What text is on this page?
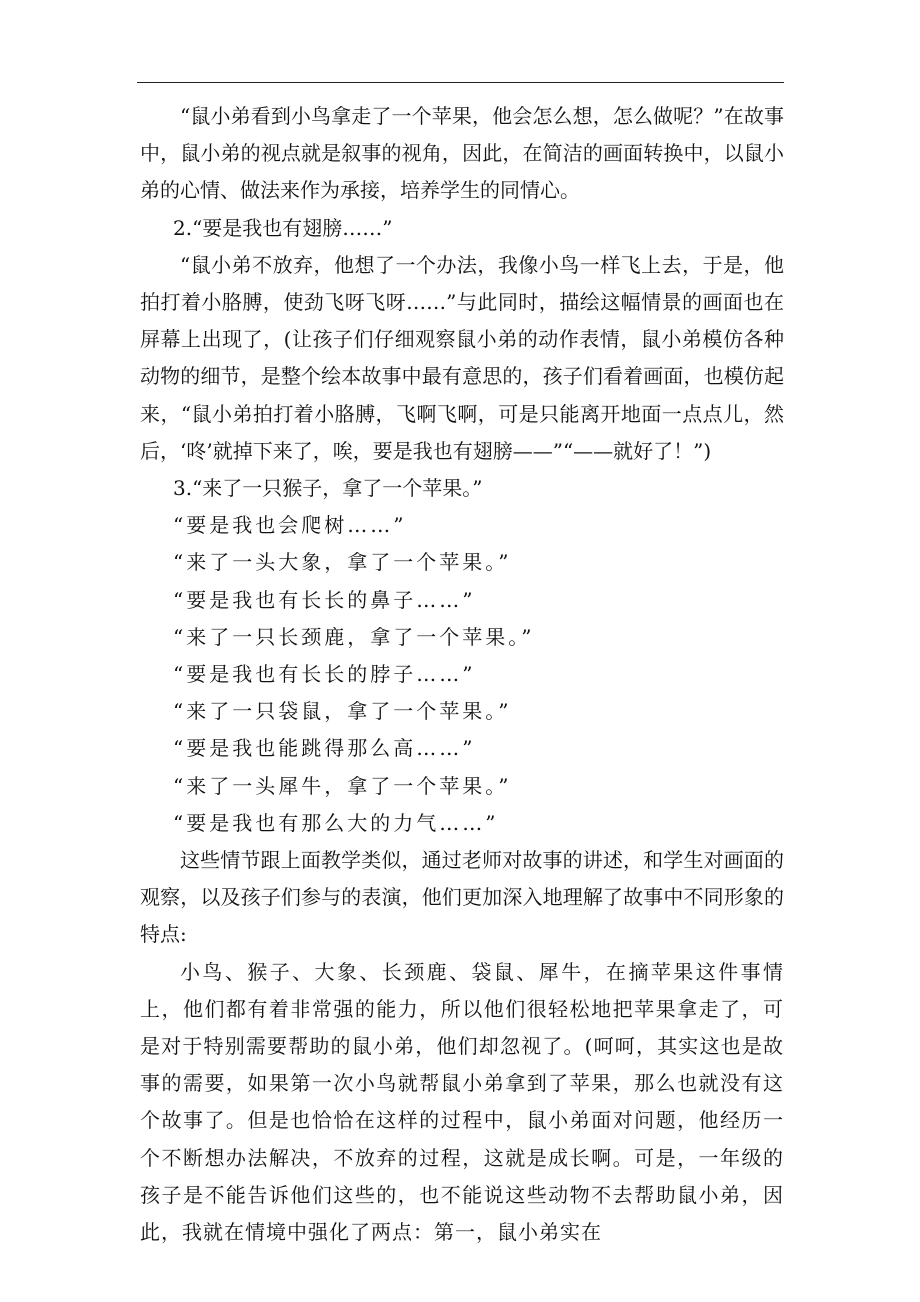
“鼠小弟看到小鸟拿走了一个苹果，他会怎么想，怎么做呢？”在故事中，鼠小弟的视点就是叙事的视角，因此，在简洁的画面转换中，以鼠小弟的心情、做法来作为承接，培养学生的同情心。

2.“要是我也有翅膀……”

“鼠小弟不放弃，他想了一个办法，我像小鸟一样飞上去，于是，他拍打着小胳膊，使劲飞呀飞呀……”与此同时，描绘这幅情景的画面也在屏幕上出现了，(让孩子们仔细观察鼠小弟的动作表情，鼠小弟模仿各种动物的细节，是整个绘本故事中最有意思的，孩子们看着画面，也模仿起来，“鼠小弟拍打着小胳膊，飞啊飞啊，可是只能离开地面一点点儿，然后，‘咚’就掉下来了，唉，要是我也有翅膀——”“——就好了！”)

3.“来了一只猴子，拿了一个苹果。”

“要是我也会爬树……”

“来了一头大象，拿了一个苹果。”

“要是我也有长长的鼻子……”

“来了一只长颈鹿，拿了一个苹果。”

“要是我也有长长的脖子……”

“来了一只袋鼠，拿了一个苹果。”

“要是我也能跳得那么高……”

“来了一头犀牛，拿了一个苹果。”

“要是我也有那么大的力气……”

这些情节跟上面教学类似，通过老师对故事的讲述，和学生对画面的观察，以及孩子们参与的表演，他们更加深入地理解了故事中不同形象的特点:

小鸟、猴子、大象、长颈鹿、袋鼠、犀牛，在摘苹果这件事情上，他们都有着非常强的能力，所以他们很轻松地把苹果拿走了，可是对于特别需要帮助的鼠小弟，他们却忽视了。(呵呵，其实这也是故事的需要，如果第一次小鸟就帮鼠小弟拿到了苹果，那么也就没有这个故事了。但是也恰恰在这样的过程中，鼠小弟面对问题，他经历一个不断想办法解决，不放弃的过程，这就是成长啊。可是，一年级的孩子是不能告诉他们这些的，也不能说这些动物不去帮助鼠小弟，因此，我就在情境中强化了两点：第一，鼠小弟实在
